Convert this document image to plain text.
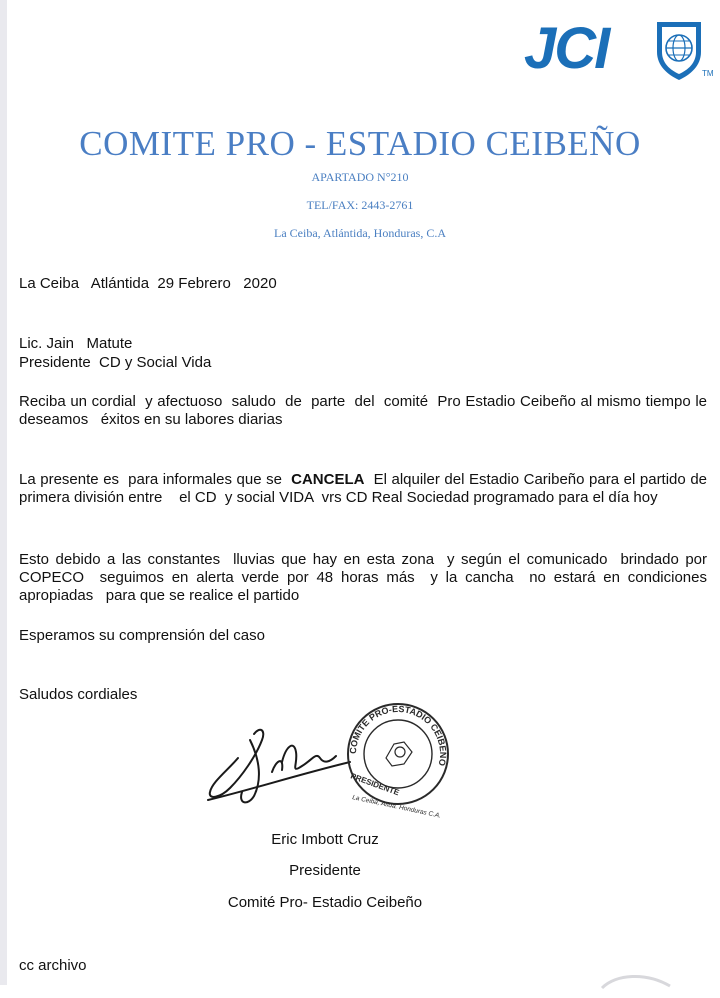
JCI	TM
COMITE PRO - ESTADIO CEIBEÑO
APARTADO N°210
TEL/FAX: 2443-2761
La Ceiba, Atlántida, Honduras, C.A
La Ceiba   Atlántida  29 Febrero   2020
Lic. Jain   Matute
Presidente  CD y Social Vida
Reciba un cordial  y afectuoso  saludo  de  parte  del  comité  Pro Estadio Ceibeño al mismo tiempo le deseamos   éxitos en su labores diarias
La presente es  para informales que se  CANCELA  El alquiler del Estadio Caribeño para el partido de primera división entre    el CD  y social VIDA  vrs CD Real Sociedad programado para el día hoy
Esto debido a las constantes  lluvias que hay en esta zona  y según el comunicado  brindado por COPECO  seguimos en alerta verde por 48 horas más  y la cancha  no estará en condiciones apropiadas   para que se realice el partido
Esperamos su comprensión del caso
Saludos cordiales
COMITE PRO-ESTADIO CEIBEÑO
PRESIDENTE
La Ceiba, Atlda. Honduras C.A.
Eric Imbott Cruz
Presidente
Comité Pro- Estadio Ceibeño
cc archivo
